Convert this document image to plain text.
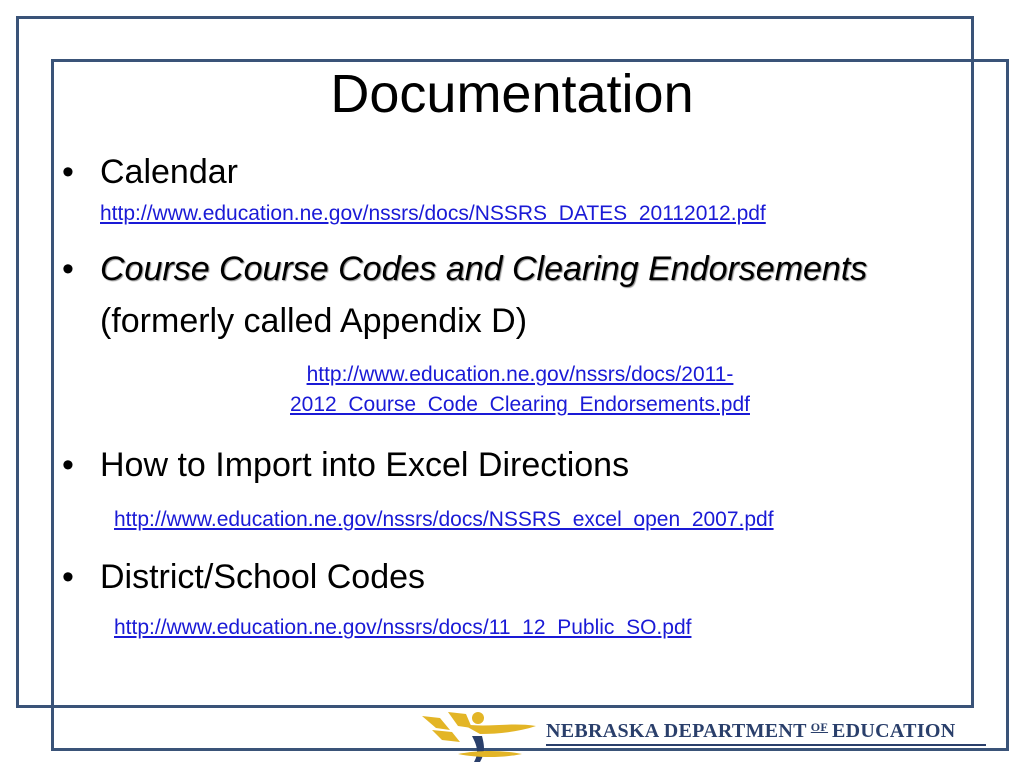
Documentation
• Calendar
http://www.education.ne.gov/nssrs/docs/NSSRS_DATES_20112012.pdf
• Course Course Codes and Clearing Endorsements (formerly called Appendix D)
http://www.education.ne.gov/nssrs/docs/2011-
2012_Course_Code_Clearing_Endorsements.pdf
• How to Import into Excel Directions
http://www.education.ne.gov/nssrs/docs/NSSRS_excel_open_2007.pdf
• District/School Codes
http://www.education.ne.gov/nssrs/docs/11_12_Public_SO.pdf
NEBRASKA DEPARTMENT $^{OF}$ EDUCATION
